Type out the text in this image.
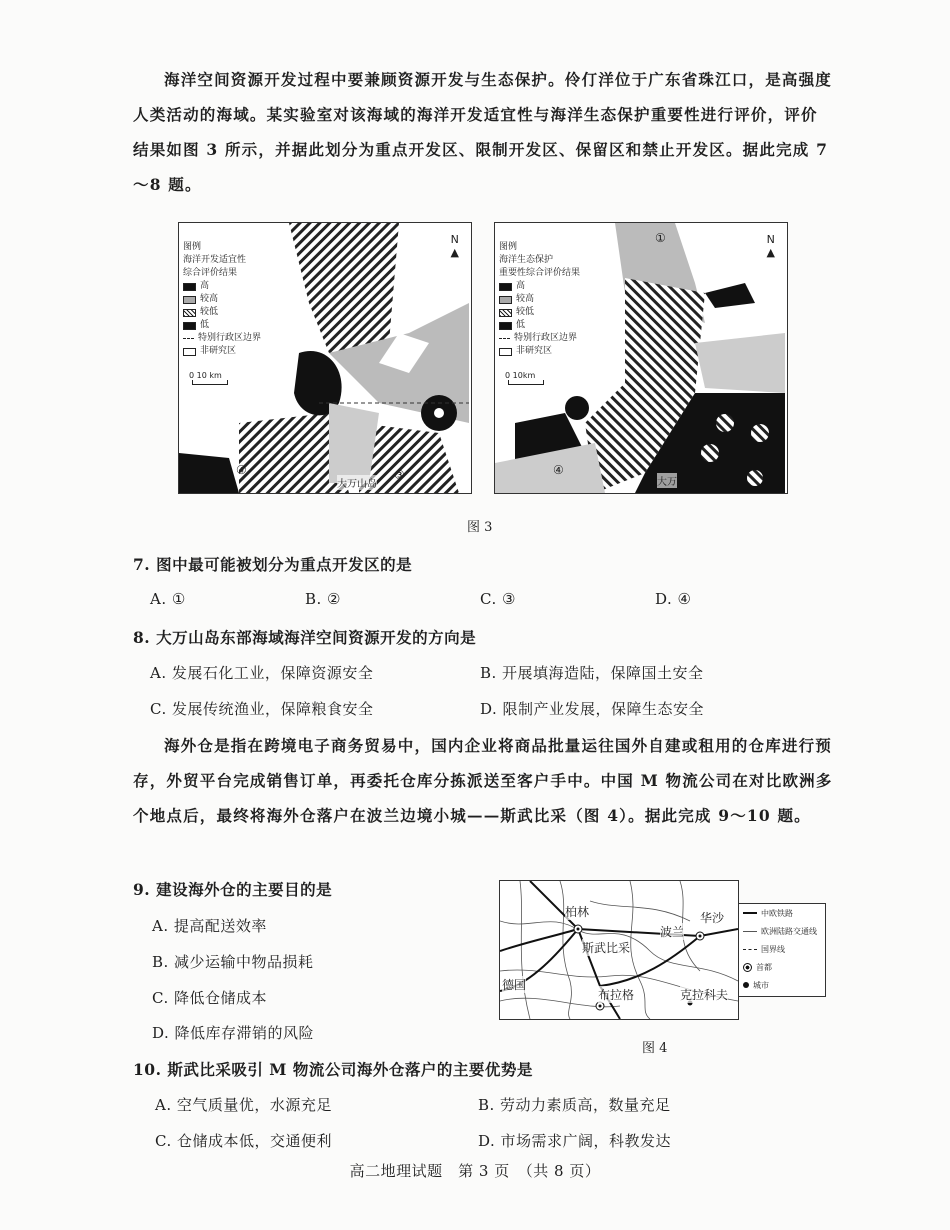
海洋空间资源开发过程中要兼顾资源开发与生态保护。伶仃洋位于广东省珠江口，是高强度人类活动的海域。某实验室对该海域的海洋开发适宜性与海洋生态保护重要性进行评价，评价结果如图 3 所示，并据此划分为重点开发区、限制开发区、保留区和禁止开发区。据此完成 7～8 题。
图例
海洋开发适宜性
综合评价结果
高
较高
较低
低
特别行政区边界
非研究区
N
▲
0 10 km
④	③
大万山岛
图例
海洋生态保护
重要性综合评价结果
高
较高
较低
低
特别行政区边界
非研究区
N
▲
0 10km
①
④
大万
图 3
7. 图中最可能被划分为重点开发区的是
A. ①	B. ②	C. ③	D. ④
8. 大万山岛东部海域海洋空间资源开发的方向是
A. 发展石化工业，保障资源安全	B. 开展填海造陆，保障国土安全
C. 发展传统渔业，保障粮食安全	D. 限制产业发展，保障生态安全
海外仓是指在跨境电子商务贸易中，国内企业将商品批量运往国外自建或租用的仓库进行预存，外贸平台完成销售订单，再委托仓库分拣派送至客户手中。中国 M 物流公司在对比欧洲多个地点后，最终将海外仓落户在波兰边境小城——斯武比采（图 4）。据此完成 9～10 题。
9. 建设海外仓的主要目的是
A. 提高配送效率
B. 减少运输中物品损耗
C. 降低仓储成本
D. 降低库存滞销的风险
柏林	华沙
波兰
斯武比采
德国
布拉格	克拉科夫
中欧铁路
欧洲陆路交通线
国界线
首都
城市
图 4
10. 斯武比采吸引 M 物流公司海外仓落户的主要优势是
A. 空气质量优，水源充足	B. 劳动力素质高，数量充足
C. 仓储成本低，交通便利	D. 市场需求广阔，科教发达
高二地理试题　第 3 页　（共 8 页）
